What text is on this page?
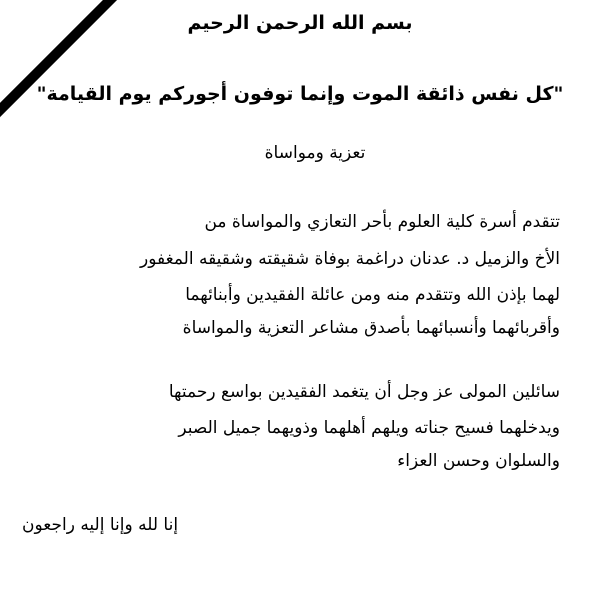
بسم الله الرحمن الرحيم
"كل نفس ذائقة الموت وإنما توفون أجوركم يوم القيامة"
تعزية ومواساة
تتقدم أسرة كلية العلوم بأحر التعازي والمواساة من
الأخ والزميل د. عدنان دراغمة بوفاة شقيقته وشقيقه المغفور
لهما بإذن الله وتتقدم منه ومن عائلة الفقيدين وأبنائهما
وأقربائهما وأنسبائهما بأصدق مشاعر التعزية والمواساة
سائلين المولى عز وجل أن يتغمد الفقيدين بواسع رحمتها
ويدخلهما فسيح جناته ويلهم أهلهما وذويهما جميل الصبر
والسلوان وحسن العزاء
إنا لله وإنا إليه راجعون
